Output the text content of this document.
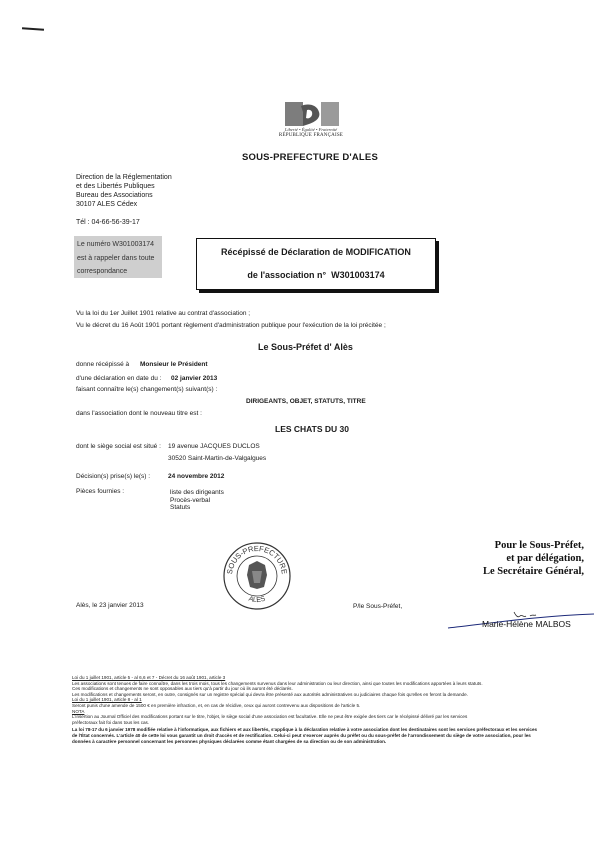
Liberté • Égalité • Fraternité
RÉPUBLIQUE FRANÇAISE
SOUS-PREFECTURE D'ALES
Direction de la Réglementation
et des Libertés Publiques
Bureau des Associations
30107 ALES Cédex
Tél : 04-66-56-39-17
Le numéro W301003174
est à rappeler dans toute
correspondance
Récépissé de Déclaration de MODIFICATION
de l'association n° W301003174
Vu la loi du 1er Juillet 1901 relative au contrat d'association ;
Vu le décret du 16 Août 1901 portant règlement d'administration publique pour l'exécution de la loi précitée ;
Le Sous-Préfet d' Alès
donne récépissé à Monsieur le Président
d'une déclaration en date du : 02 janvier 2013
faisant connaître le(s) changement(s) suivant(s) :
DIRIGEANTS, OBJET, STATUTS, TITRE
dans l'association dont le nouveau titre est :
LES CHATS DU 30
dont le siège social est situé : 19 avenue JACQUES DUCLOS
30520 Saint-Martin-de-Valgalgues
Décision(s) prise(s) le(s) :	24 novembre 2012
Pièces fournies :	liste des dirigeants
Procès-verbal
Statuts
SOUS-PREFECTURE
ALES
Pour le Sous-Préfet,
et par délégation,
Le Secrétaire Général,
Marie-Hélène MALBOS
Alès, le 23 janvier 2013	P/le Sous-Préfet,
Loi du 1 juillet 1901, article 5 - al 6,6 et 7 - Décret du 16 août 1901, article 3
Les associations sont tenues de faire connaître, dans les trois mois, tous les changements survenus dans leur administration ou leur direction, ainsi que toutes les modifications apportées à leurs statuts.
Ces modifications et changements ne sont opposables aux tiers qu'à partir du jour où ils auront été déclarés.
Les modifications et changements seront, en outre, consignés sur un registre spécial qui devra être présenté aux autorités administratives ou judiciaires chaque fois qu'elles en feront la demande.
Loi du 1 juillet 1901, article 8 - al 1
Seront punis d'une amende de 1500 € en première infraction, et, en cas de récidive, ceux qui auront contrevenu aux dispositions de l'article 5.
NOTA
L'insertion au Journal Officiel des modifications portant sur le titre, l'objet, le siège social d'une association est facultative. Elle ne peut être exigée des tiers car le récépissé délivré par les services
préfectoraux fait foi dans tous les cas.
La loi 78-17 du 6 janvier 1978 modifiée relative à l'informatique, aux fichiers et aux libertés, s'applique à la déclaration relative à votre association dont les destinataires sont les services préfectoraux et les services de l'État concernés. L'article 40 de cette loi vous garantit un droit d'accès et de rectification. Celui-ci peut s'exercer auprès du préfet ou du sous-préfet de l'arrondissement du siège de votre association, pour les données à caractère personnel concernant les personnes physiques déclarées comme étant chargées de sa direction ou de son administration.
